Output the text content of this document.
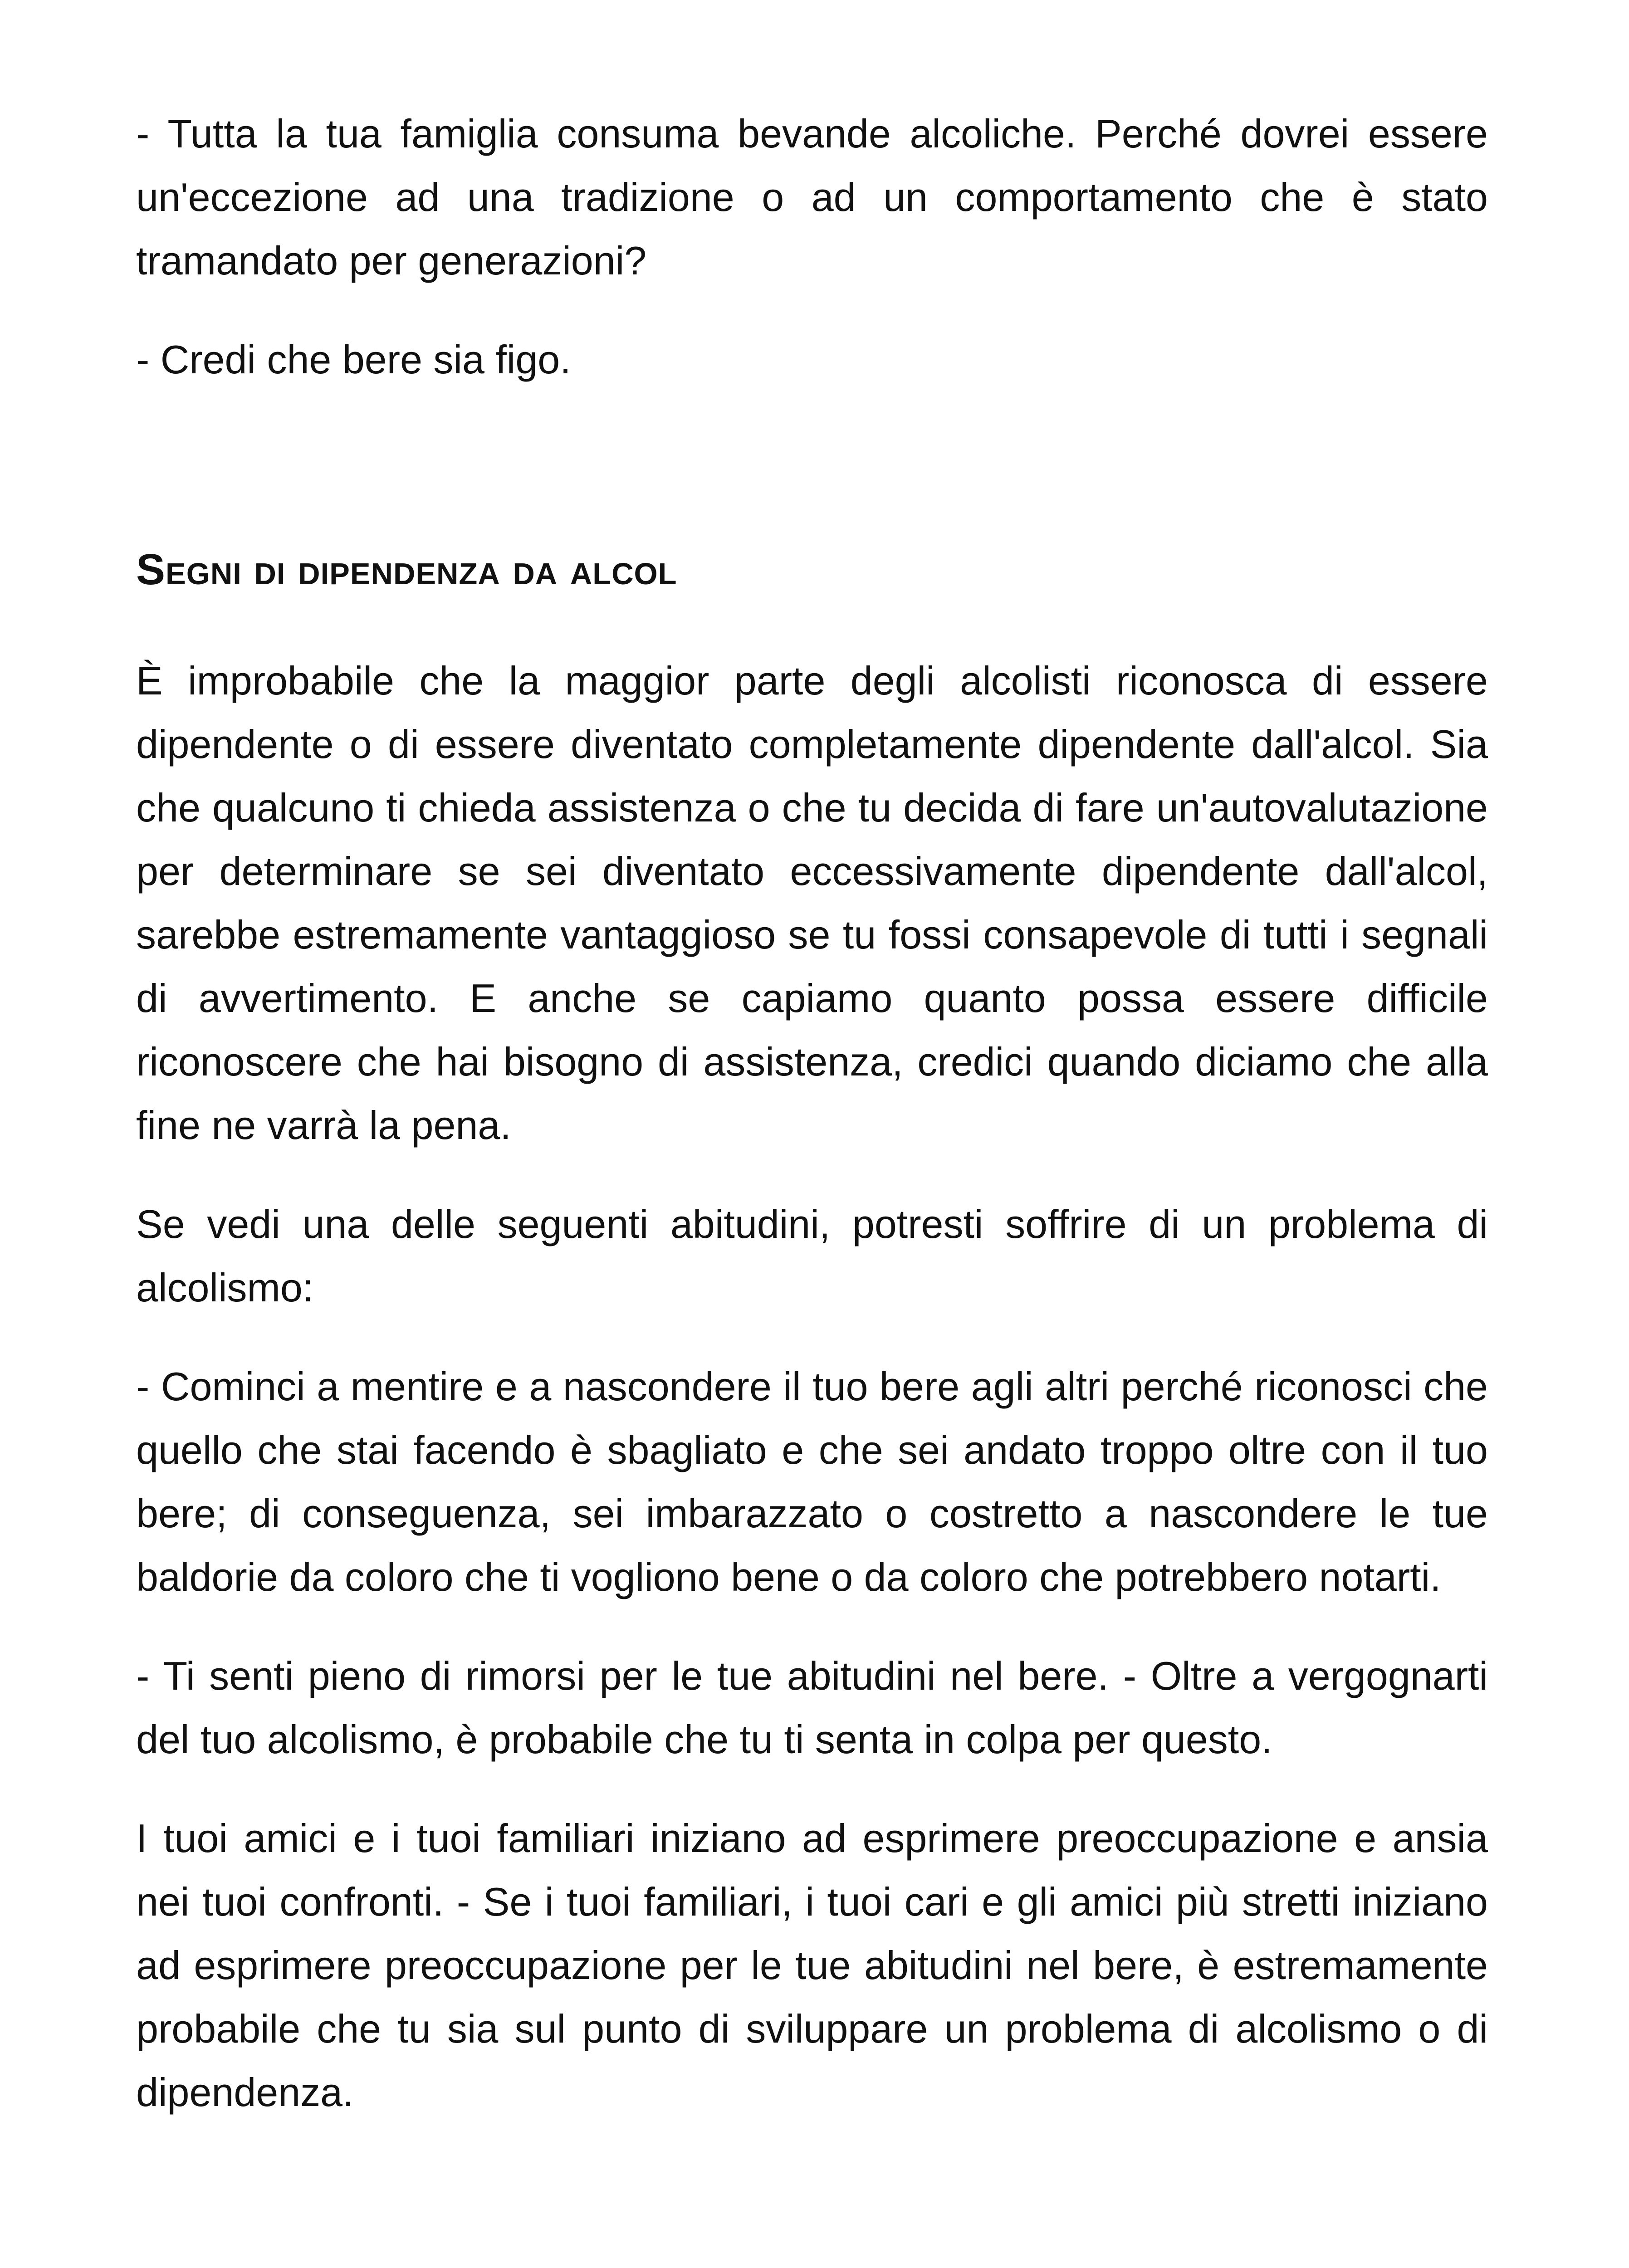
- Tutta la tua famiglia consuma bevande alcoliche. Perché dovrei essere un'eccezione ad una tradizione o ad un comportamento che è stato tramandato per generazioni?

- Credi che bere sia figo.

Segni di dipendenza da alcol

È improbabile che la maggior parte degli alcolisti riconosca di essere dipendente o di essere diventato completamente dipendente dall'alcol. Sia che qualcuno ti chieda assistenza o che tu decida di fare un'autovalutazione per determinare se sei diventato eccessivamente dipendente dall'alcol, sarebbe estremamente vantaggioso se tu fossi consapevole di tutti i segnali di avvertimento. E anche se capiamo quanto possa essere difficile riconoscere che hai bisogno di assistenza, credici quando diciamo che alla fine ne varrà la pena.

Se vedi una delle seguenti abitudini, potresti soffrire di un problema di alcolismo:

- Cominci a mentire e a nascondere il tuo bere agli altri perché riconosci che quello che stai facendo è sbagliato e che sei andato troppo oltre con il tuo bere; di conseguenza, sei imbarazzato o costretto a nascondere le tue baldorie da coloro che ti vogliono bene o da coloro che potrebbero notarti.

- Ti senti pieno di rimorsi per le tue abitudini nel bere. - Oltre a vergognarti del tuo alcolismo, è probabile che tu ti senta in colpa per questo.

I tuoi amici e i tuoi familiari iniziano ad esprimere preoccupazione e ansia nei tuoi confronti. - Se i tuoi familiari, i tuoi cari e gli amici più stretti iniziano ad esprimere preoccupazione per le tue abitudini nel bere, è estremamente probabile che tu sia sul punto di sviluppare un problema di alcolismo o di dipendenza.
